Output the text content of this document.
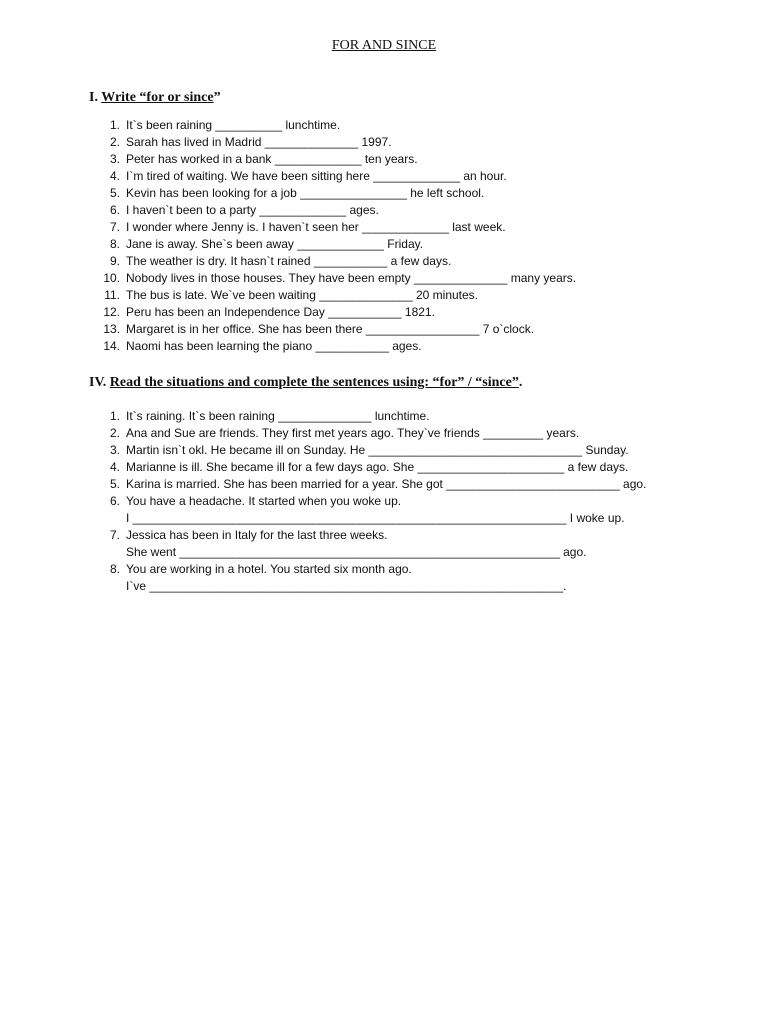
FOR AND SINCE
I. Write “for or since”
1. It`s been raining __________ lunchtime.
2. Sarah has lived in Madrid ______________ 1997.
3. Peter has worked in a bank _____________ ten years.
4. I`m tired of waiting. We have been sitting here _____________ an hour.
5. Kevin has been looking for a job ________________ he left school.
6. I haven`t been to a party _____________ ages.
7. I wonder where Jenny is. I haven`t seen her _____________ last week.
8. Jane is away. She`s been away _____________ Friday.
9. The weather is dry. It hasn`t rained ___________ a few days.
10. Nobody lives in those houses. They have been empty ______________ many years.
11. The bus is late. We`ve been waiting ______________ 20 minutes.
12. Peru has been an Independence Day ___________ 1821.
13. Margaret is in her office. She has been there _________________ 7 o`clock.
14. Naomi has been learning the piano ___________ ages.
IV. Read the situations and complete the sentences using: “for” / “since”.
1. It`s raining. It`s been raining ______________ lunchtime.
2. Ana and Sue are friends. They first met years ago. They`ve friends _________ years.
3. Martin isn`t okl. He became ill on Sunday. He ________________________________ Sunday.
4. Marianne is ill. She became ill for a few days ago. She ______________________ a few days.
5. Karina is married. She has been married for a year. She got __________________________ ago.
6. You have a headache. It started when you woke up.
I _________________________________________________________________ I woke up.
7. Jessica has been in Italy for the last three weeks.
She went _________________________________________________________ ago.
8. You are working in a hotel. You started six month ago.
I`ve ______________________________________________________________.
